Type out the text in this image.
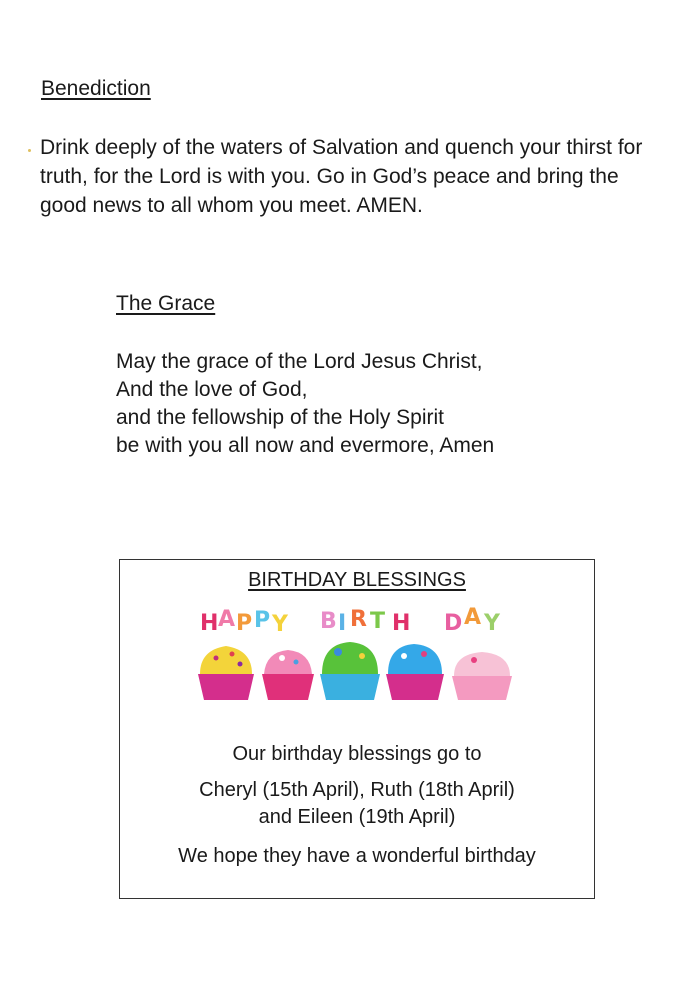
Benediction

Drink deeply of the waters of Salvation and quench your thirst for truth, for the Lord is with you. Go in God’s peace and bring the good news to all whom you meet. AMEN.

The Grace

May the grace of the Lord Jesus Christ,
And the love of God,
and the fellowship of the Holy Spirit
be with you all now and evermore, Amen
BIRTHDAY BLESSINGS
H A P P Y B I R T H D A Y
Our birthday blessings go to
Cheryl (15th April), Ruth (18th April)
and Eileen (19th April)
We hope they have a wonderful birthday
